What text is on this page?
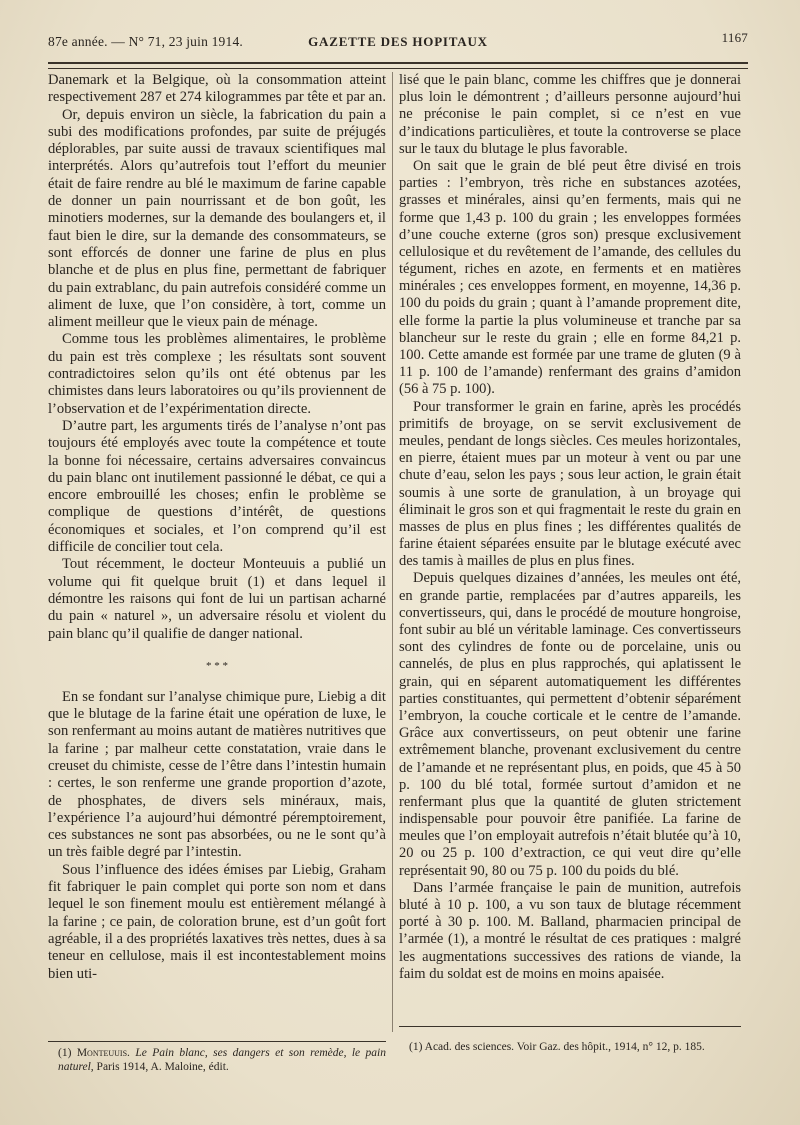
87e année. — N° 71, 23 juin 1914.	GAZETTE DES HOPITAUX	1167

Danemark et la Belgique, où la consommation atteint respectivement 287 et 274 kilogrammes par tête et par an.

Or, depuis environ un siècle, la fabrication du pain a subi des modifications profondes, par suite de préjugés déplorables, par suite aussi de travaux scientifiques mal interprétés. Alors qu’autrefois tout l’effort du meunier était de faire rendre au blé le maximum de farine capable de donner un pain nourrissant et de bon goût, les minotiers modernes, sur la demande des boulangers et, il faut bien le dire, sur la demande des consommateurs, se sont efforcés de donner une farine de plus en plus blanche et de plus en plus fine, permettant de fabriquer du pain extrablanc, du pain autrefois considéré comme un aliment de luxe, que l’on considère, à tort, comme un aliment meilleur que le vieux pain de ménage.

Comme tous les problèmes alimentaires, le problème du pain est très complexe ; les résultats sont souvent contradictoires selon qu’ils ont été obtenus par les chimistes dans leurs laboratoires ou qu’ils proviennent de l’observation et de l’expérimentation directe.

D’autre part, les arguments tirés de l’analyse n’ont pas toujours été employés avec toute la compétence et toute la bonne foi nécessaire, certains adversaires convaincus du pain blanc ont inutilement passionné le débat, ce qui a encore embrouillé les choses; enfin le problème se complique de questions d’intérêt, de questions économiques et sociales, et l’on comprend qu’il est difficile de concilier tout cela.

Tout récemment, le docteur Monteuuis a publié un volume qui fit quelque bruit (1) et dans lequel il démontre les raisons qui font de lui un partisan acharné du pain « naturel », un adversaire résolu et violent du pain blanc qu’il qualifie de danger national.

* * *

En se fondant sur l’analyse chimique pure, Liebig a dit que le blutage de la farine était une opération de luxe, le son renfermant au moins autant de matières nutritives que la farine ; par malheur cette constatation, vraie dans le creuset du chimiste, cesse de l’être dans l’intestin humain : certes, le son renferme une grande proportion d’azote, de phosphates, de divers sels minéraux, mais, l’expérience l’a aujourd’hui démontré péremptoirement, ces substances ne sont pas absorbées, ou ne le sont qu’à un très faible degré par l’intestin.

Sous l’influence des idées émises par Liebig, Graham fit fabriquer le pain complet qui porte son nom et dans lequel le son finement moulu est entièrement mélangé à la farine ; ce pain, de coloration brune, est d’un goût fort agréable, il a des propriétés laxatives très nettes, dues à sa teneur en cellulose, mais il est incontestablement moins bien uti-

(1) Monteuuis. Le Pain blanc, ses dangers et son remède, le pain naturel, Paris 1914, A. Maloine, édit.

lisé que le pain blanc, comme les chiffres que je donnerai plus loin le démontrent ; d’ailleurs personne aujourd’hui ne préconise le pain complet, si ce n’est en vue d’indications particulières, et toute la controverse se place sur le taux du blutage le plus favorable.

On sait que le grain de blé peut être divisé en trois parties : l’embryon, très riche en substances azotées, grasses et minérales, ainsi qu’en ferments, mais qui ne forme que 1,43 p. 100 du grain ; les enveloppes formées d’une couche externe (gros son) presque exclusivement cellulosique et du revêtement de l’amande, des cellules du tégument, riches en azote, en ferments et en matières minérales ; ces enveloppes forment, en moyenne, 14,36 p. 100 du poids du grain ; quant à l’amande proprement dite, elle forme la partie la plus volumineuse et tranche par sa blancheur sur le reste du grain ; elle en forme 84,21 p. 100. Cette amande est formée par une trame de gluten (9 à 11 p. 100 de l’amande) renfermant des grains d’amidon (56 à 75 p. 100).

Pour transformer le grain en farine, après les procédés primitifs de broyage, on se servit exclusivement de meules, pendant de longs siècles. Ces meules horizontales, en pierre, étaient mues par un moteur à vent ou par une chute d’eau, selon les pays ; sous leur action, le grain était soumis à une sorte de granulation, à un broyage qui éliminait le gros son et qui fragmentait le reste du grain en masses de plus en plus fines ; les différentes qualités de farine étaient séparées ensuite par le blutage exécuté avec des tamis à mailles de plus en plus fines.

Depuis quelques dizaines d’années, les meules ont été, en grande partie, remplacées par d’autres appareils, les convertisseurs, qui, dans le procédé de mouture hongroise, font subir au blé un véritable laminage. Ces convertisseurs sont des cylindres de fonte ou de porcelaine, unis ou cannelés, de plus en plus rapprochés, qui aplatissent le grain, qui en séparent automatiquement les différentes parties constituantes, qui permettent d’obtenir séparément l’embryon, la couche corticale et le centre de l’amande. Grâce aux convertisseurs, on peut obtenir une farine extrêmement blanche, provenant exclusivement du centre de l’amande et ne représentant plus, en poids, que 45 à 50 p. 100 du blé total, formée surtout d’amidon et ne renfermant plus que la quantité de gluten strictement indispensable pour pouvoir être panifiée. La farine de meules que l’on employait autrefois n’était blutée qu’à 10, 20 ou 25 p. 100 d’extraction, ce qui veut dire qu’elle représentait 90, 80 ou 75 p. 100 du poids du blé.

Dans l’armée française le pain de munition, autrefois bluté à 10 p. 100, a vu son taux de blutage récemment porté à 30 p. 100. M. Balland, pharmacien principal de l’armée (1), a montré le résultat de ces pratiques : malgré les augmentations successives des rations de viande, la faim du soldat est de moins en moins apaisée.

(1) Acad. des sciences. Voir Gaz. des hôpit., 1914, n° 12, p. 185.
